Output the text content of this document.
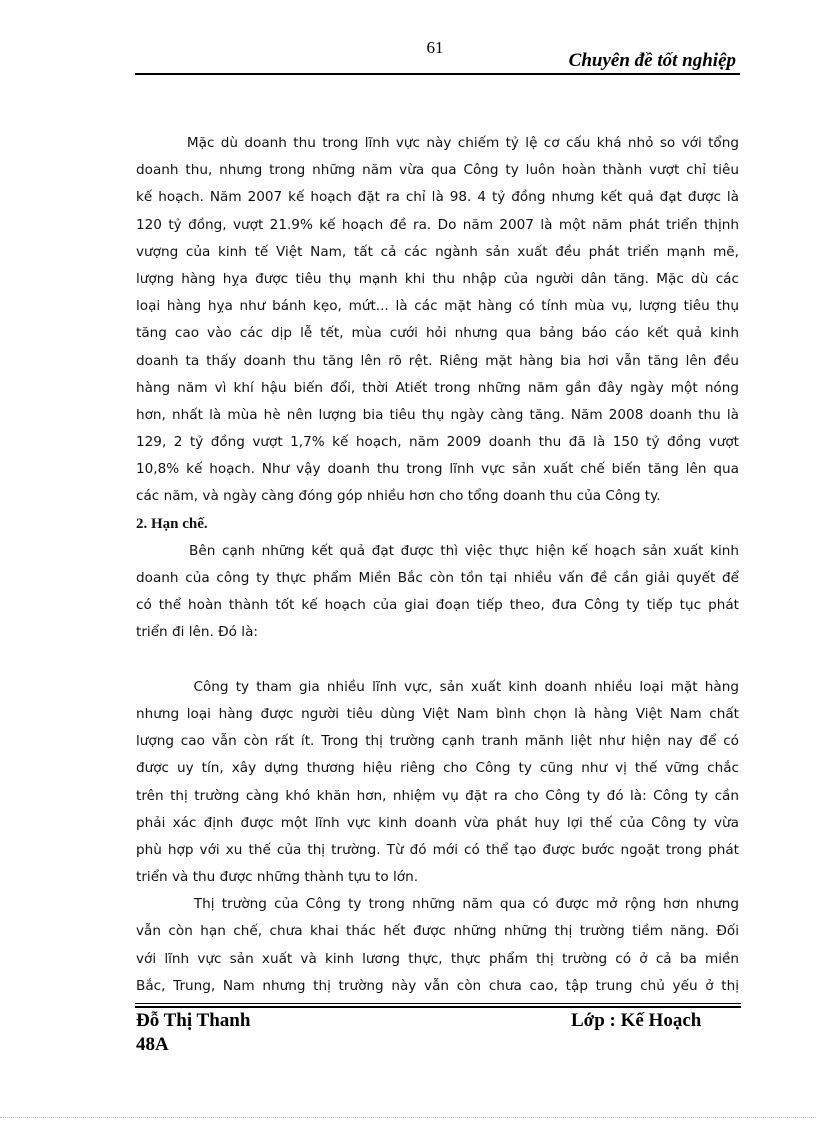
61
Chuyên đề tốt nghiệp
Mặc dù doanh thu trong lĩnh vực này chiếm tỷ lệ cơ cấu khá nhỏ so với tổng
doanh thu, nhưng trong những năm vừa qua Công ty luôn hoàn thành vượt chỉ tiêu
kế hoạch. Năm 2007 kế hoạch đặt ra chỉ là 98. 4 tỷ đồng nhưng kết quả đạt được là
120 tỷ đồng, vượt 21.9% kế hoạch đề ra. Do năm 2007 là một năm phát triển thịnh
vượng của kinh tế Việt Nam, tất cả các ngành sản xuất đều phát triển mạnh mẽ,
lượng hàng hỵa được tiêu thụ mạnh khi thu nhập của người dân tăng. Mặc dù các
loại hàng hỵa như bánh kẹo, mứt... là các mặt hàng có tính mùa vụ, lượng tiêu thụ
tăng cao vào các dịp lễ tết, mùa cưới hỏi nhưng qua bảng báo cáo kết quả kinh
doanh ta thấy doanh thu tăng lên rõ rệt. Riêng mặt hàng bia hơi vẫn tăng lên đều
hàng năm vì khí hậu biến đổi, thời Atiết trong những năm gần đây ngày một nóng
hơn, nhất là mùa hè nên lượng bia tiêu thụ ngày càng tăng. Năm 2008 doanh thu là
129, 2 tỷ đồng vượt 1,7% kế hoạch, năm 2009 doanh thu đã là 150 tỷ đồng vượt
10,8% kế hoạch. Như vậy doanh thu trong lĩnh vực sản xuất chế biến tăng lên qua
các năm, và ngày càng đóng góp nhiều hơn cho tổng doanh thu của Công ty.
2. Hạn chế.
Bên cạnh những kết quả đạt được thì việc thực hiện kế hoạch sản xuất kinh
doanh của công ty thực phẩm Miền Bắc còn tồn tại nhiều vấn đề cần giải quyết để
có thể hoàn thành tốt kế hoạch của giai đoạn tiếp theo, đưa Công ty tiếp tục phát
triển đi lên. Đó là:

Công ty tham gia nhiều lĩnh vực, sản xuất kinh doanh nhiều loại mặt hàng
nhưng loại hàng được người tiêu dùng Việt Nam bình chọn là hàng Việt Nam chất
lượng cao vẫn còn rất ít. Trong thị trường cạnh tranh mãnh liệt như hiện nay để có
được uy tín, xây dựng thương hiệu riêng cho Công ty cũng như vị thế vững chắc
trên thị trường càng khó khăn hơn, nhiệm vụ đặt ra cho Công ty đó là: Công ty cần
phải xác định được một lĩnh vực kinh doanh vừa phát huy lợi thế của Công ty vừa
phù hợp với xu thế của thị trường. Từ đó mới có thể tạo được bước ngoặt trong phát
triển và thu được những thành tựu to lớn.
Thị trường của Công ty trong những năm qua có được mở rộng hơn nhưng
vẫn còn hạn chế, chưa khai thác hết được những những thị trường tiềm năng. Đối
với lĩnh vực sản xuất và kinh lương thực, thực phẩm thị trường có ở cả ba miền
Bắc, Trung, Nam nhưng thị trường này vẫn còn chưa cao, tập trung chủ yếu ở thị
Đỗ Thị Thanh
48A
Lớp : Kế Hoạch
